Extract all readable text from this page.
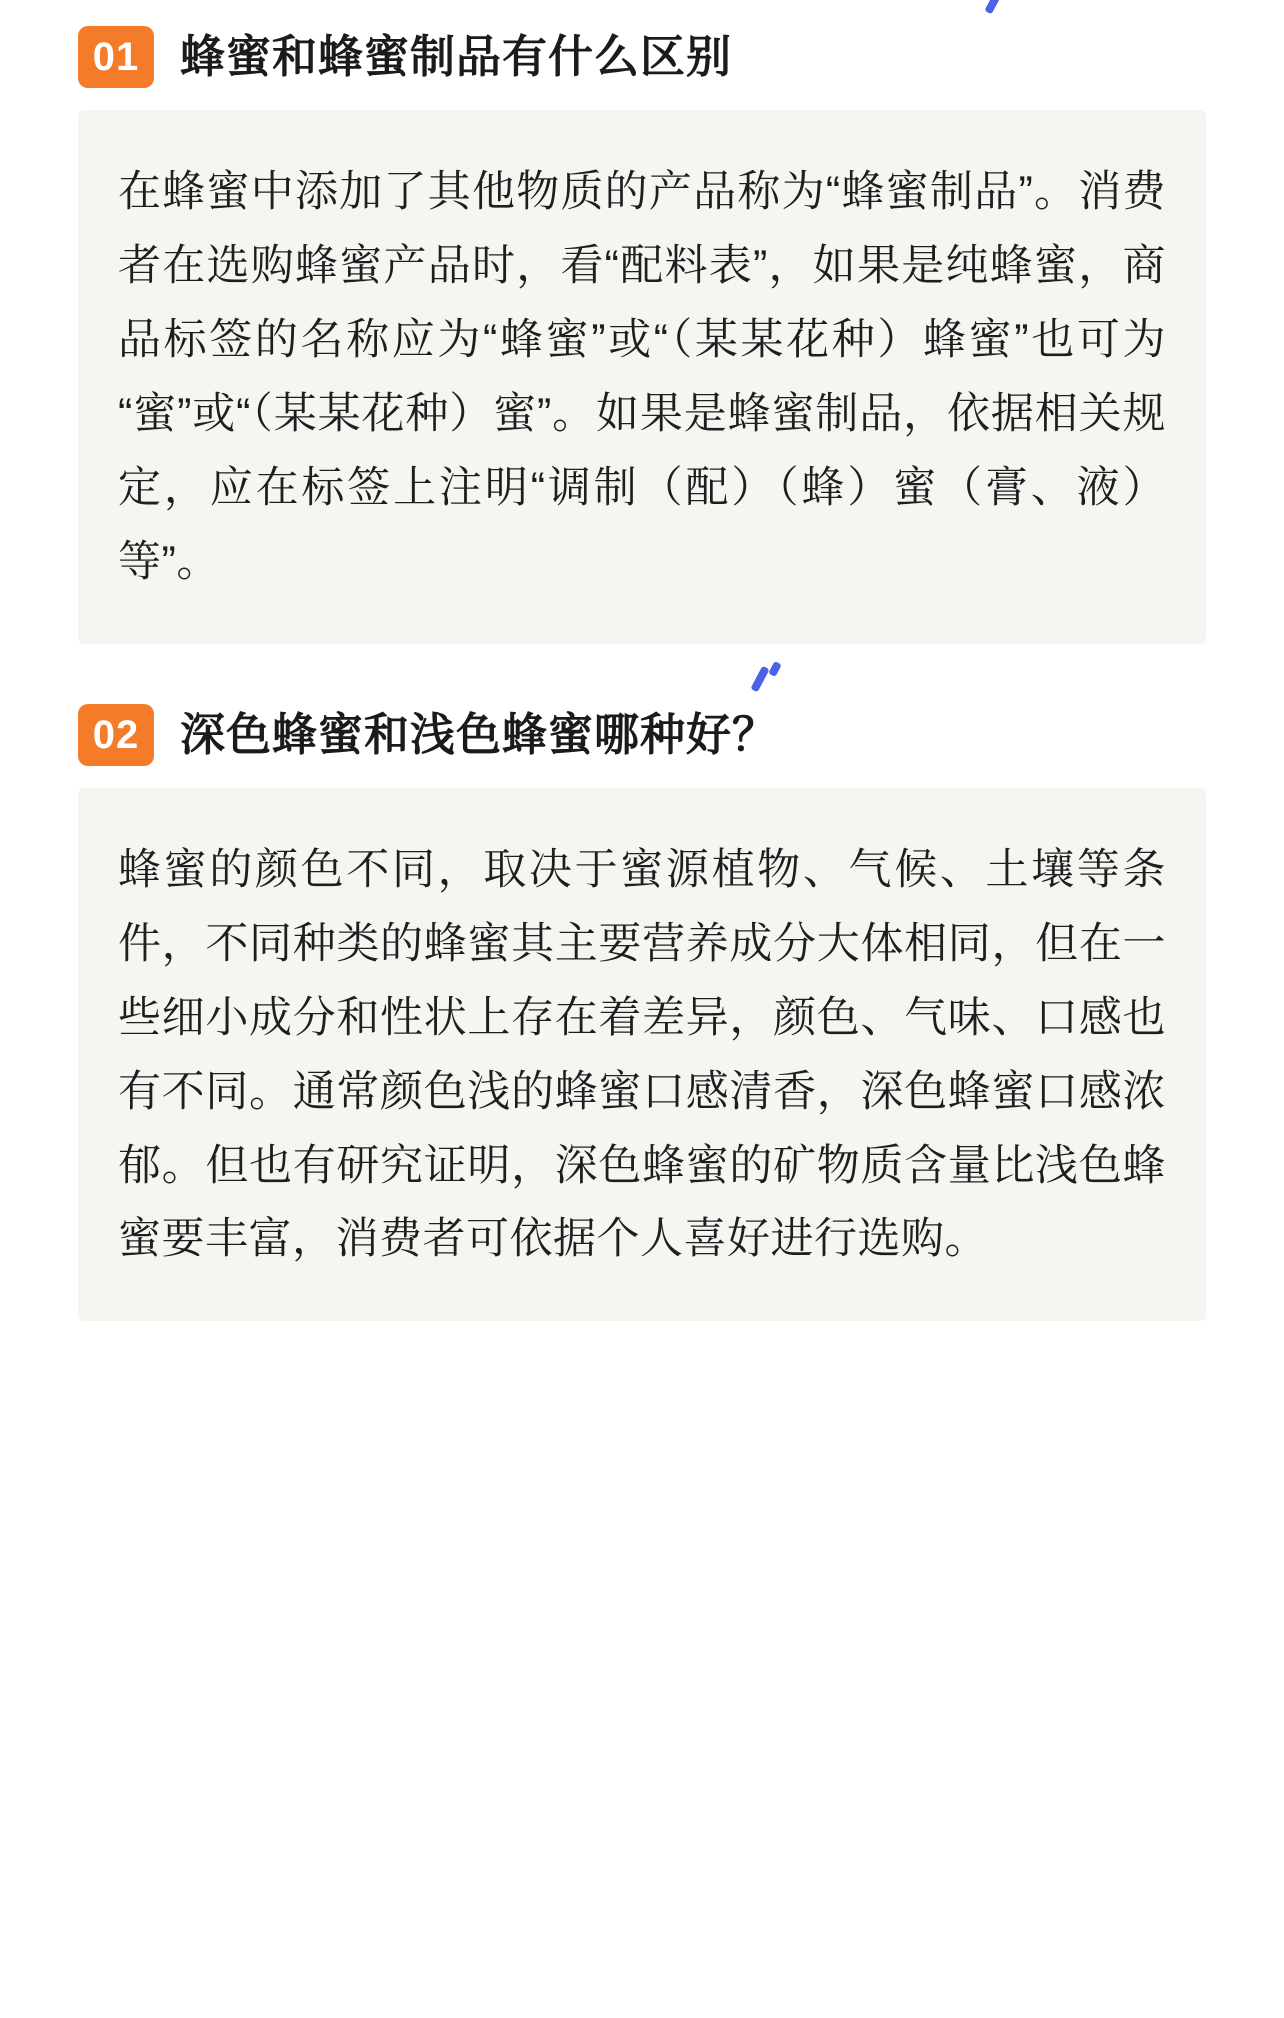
01 蜂蜜和蜂蜜制品有什么区别

在蜂蜜中添加了其他物质的产品称为“蜂蜜制品”。消费者在选购蜂蜜产品时，看“配料表”，如果是纯蜂蜜，商品标签的名称应为“蜂蜜”或“（某某花种）蜂蜜”也可为“蜜”或“（某某花种）蜜”。如果是蜂蜜制品，依据相关规定，应在标签上注明“调制（配）（蜂）蜜（膏、液）等”。

02 深色蜂蜜和浅色蜂蜜哪种好？

蜂蜜的颜色不同，取决于蜜源植物、气候、土壤等条件，不同种类的蜂蜜其主要营养成分大体相同，但在一些细小成分和性状上存在着差异，颜色、气味、口感也有不同。通常颜色浅的蜂蜜口感清香，深色蜂蜜口感浓郁。但也有研究证明，深色蜂蜜的矿物质含量比浅色蜂蜜要丰富，消费者可依据个人喜好进行选购。
